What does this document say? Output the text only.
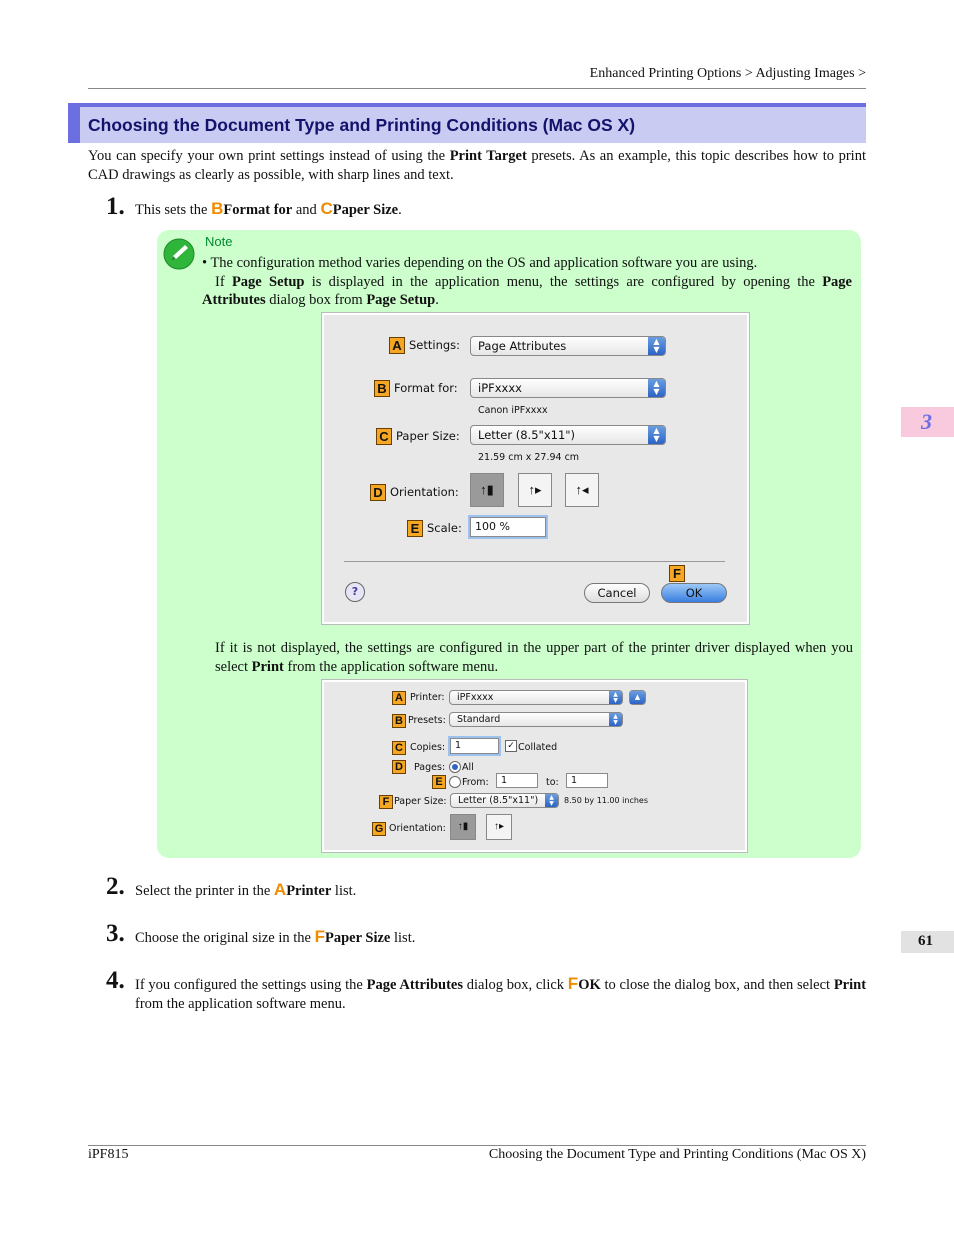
Enhanced Printing Options > Adjusting Images >
Choosing the Document Type and Printing Conditions (Mac OS X)
You can specify your own print settings instead of using the Print Target presets. As an example, this topic describes how to print CAD drawings as clearly as possible, with sharp lines and text.
1. This sets the BFormat for and CPaper Size.
Note
• The configuration method varies depending on the OS and application software you are using.
If Page Setup is displayed in the application menu, the settings are configured by opening the Page Attributes dialog box from Page Setup.
A Settings:	Page Attributes	▲
▼
B Format for:	iPFxxxx	▲
▼
Canon iPFxxxx
C Paper Size:	Letter (8.5"x11")	▲
▼
21.59 cm x 27.94 cm
D Orientation:	↑▮	↑▸	↑◂
E Scale:	100 %
?	Cancel
F
OK
If it is not displayed, the settings are configured in the upper part of the printer driver displayed when you select Print from the application software menu.
A Printer:	iPFxxxx	▲
▼	▲
B Presets:	Standard	▲
▼
C Copies:	1	✓ Collated
D	Pages: All
E	From:	1	to:	1
F Paper Size:	Letter (8.5"x11")	▲
▼	8.50 by 11.00 inches
G Orientation:	↑▮	↑▸
2. Select the printer in the APrinter list.
3. Choose the original size in the FPaper Size list.
4. If you configured the settings using the Page Attributes dialog box, click FOK to close the dialog box, and then select Print from the application software menu.
3
61
iPF815	Choosing the Document Type and Printing Conditions (Mac OS X)
